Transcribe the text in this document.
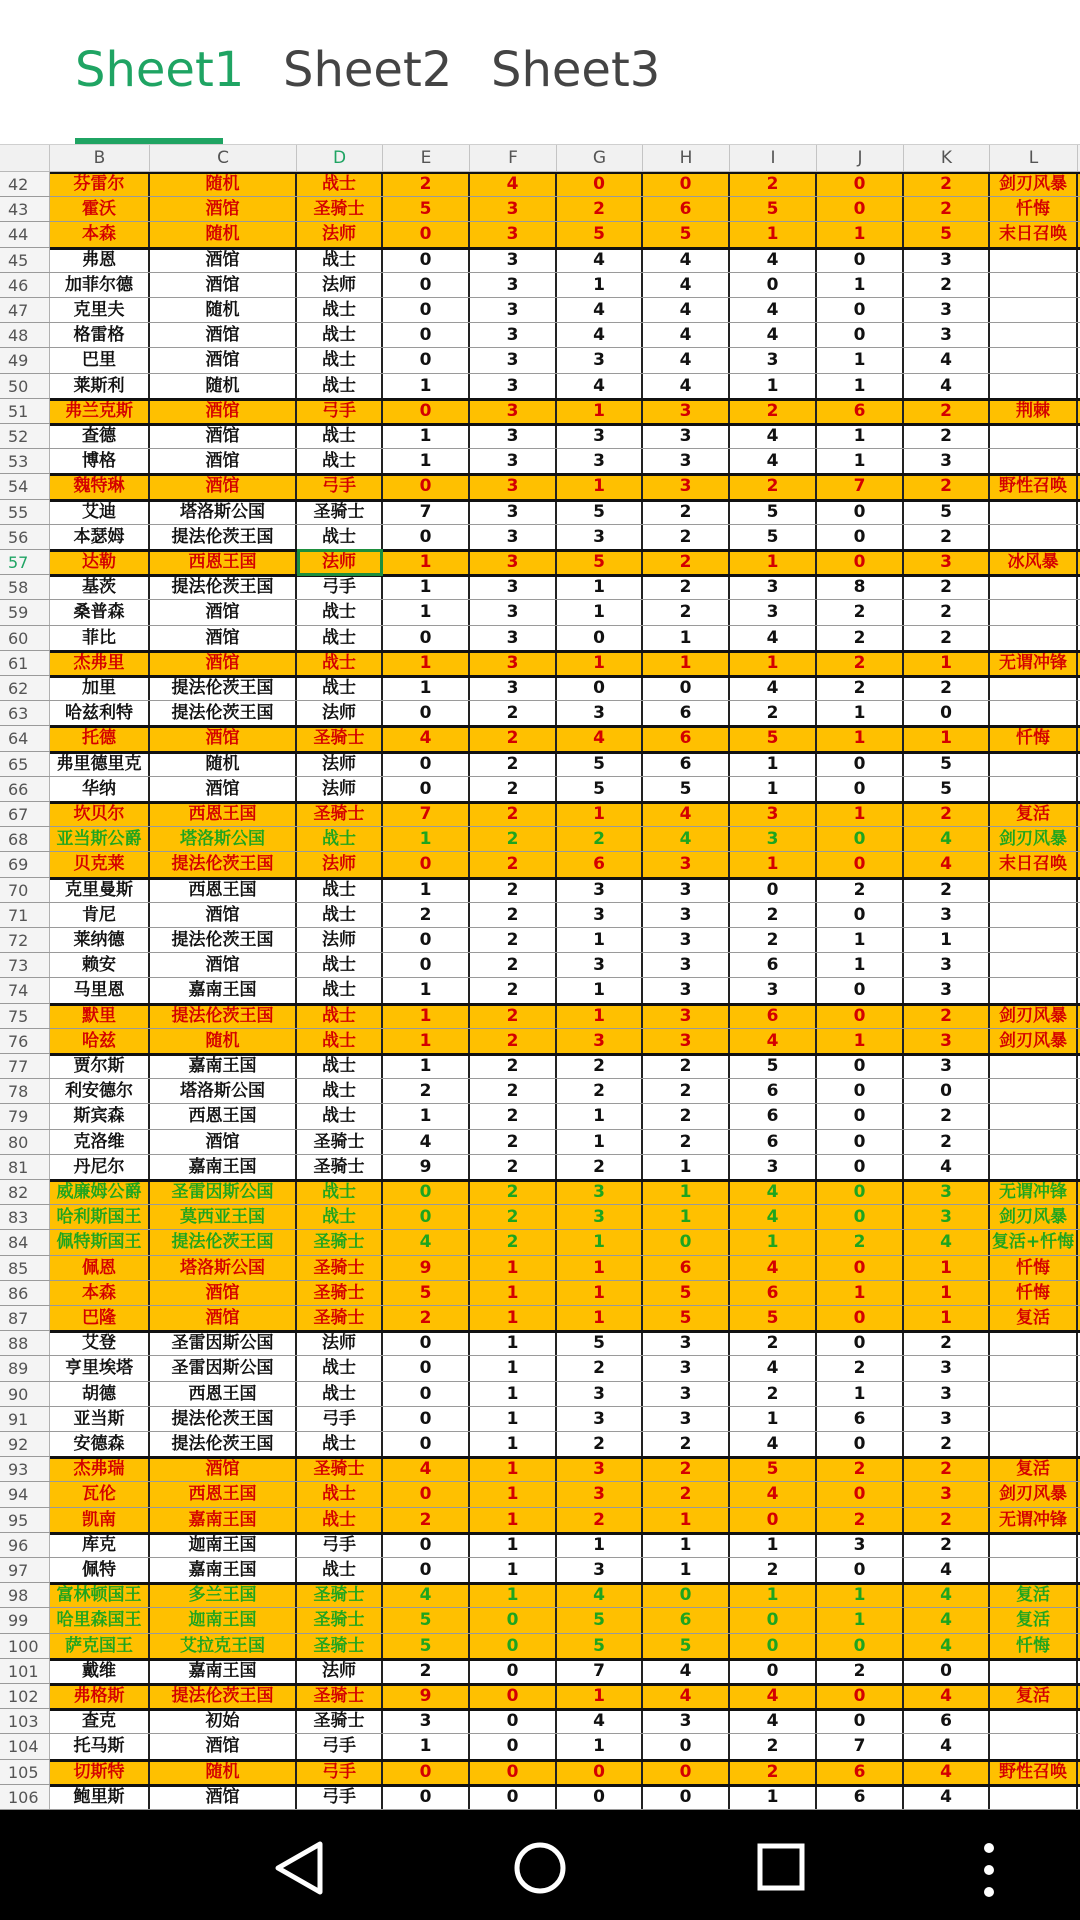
Sheet1 Sheet2 Sheet3
B	C	D	E	F	G	H	I	J	K	L
42	芬雷尔	随机	战士	2	4	0	0	2	0	2	剑刃风暴
43	霍沃	酒馆	圣骑士	5	3	2	6	5	0	2	忏悔
44	本森	随机	法师	0	3	5	5	1	1	5	末日召唤
45	弗恩	酒馆	战士	0	3	4	4	4	0	3
46	加菲尔德	酒馆	法师	0	3	1	4	0	1	2
47	克里夫	随机	战士	0	3	4	4	4	0	3
48	格雷格	酒馆	战士	0	3	4	4	4	0	3
49	巴里	酒馆	战士	0	3	3	4	3	1	4
50	莱斯利	随机	战士	1	3	4	4	1	1	4
51	弗兰克斯	酒馆	弓手	0	3	1	3	2	6	2	荆棘
52	查德	酒馆	战士	1	3	3	3	4	1	2
53	博格	酒馆	战士	1	3	3	3	4	1	3
54	魏特琳	酒馆	弓手	0	3	1	3	2	7	2	野性召唤
55	艾迪	塔洛斯公国	圣骑士	7	3	5	2	5	0	5
56	本瑟姆	提法伦茨王国	战士	0	3	3	2	5	0	2
57	达勒	西恩王国	法师	1	3	5	2	1	0	3	冰风暴
58	基茨	提法伦茨王国	弓手	1	3	1	2	3	8	2
59	桑普森	酒馆	战士	1	3	1	2	3	2	2
60	菲比	酒馆	战士	0	3	0	1	4	2	2
61	杰弗里	酒馆	战士	1	3	1	1	1	2	1	无谓冲锋
62	加里	提法伦茨王国	战士	1	3	0	0	4	2	2
63	哈兹利特	提法伦茨王国	法师	0	2	3	6	2	1	0
64	托德	酒馆	圣骑士	4	2	4	6	5	1	1	忏悔
65	弗里德里克	随机	法师	0	2	5	6	1	0	5
66	华纳	酒馆	法师	0	2	5	5	1	0	5
67	坎贝尔	西恩王国	圣骑士	7	2	1	4	3	1	2	复活
68	亚当斯公爵	塔洛斯公国	战士	1	2	2	4	3	0	4	剑刃风暴
69	贝克莱	提法伦茨王国	法师	0	2	6	3	1	0	4	末日召唤
70	克里曼斯	西恩王国	战士	1	2	3	3	0	2	2
71	肯尼	酒馆	战士	2	2	3	3	2	0	3
72	莱纳德	提法伦茨王国	法师	0	2	1	3	2	1	1
73	赖安	酒馆	战士	0	2	3	3	6	1	3
74	马里恩	嘉南王国	战士	1	2	1	3	3	0	3
75	默里	提法伦茨王国	战士	1	2	1	3	6	0	2	剑刃风暴
76	哈兹	随机	战士	1	2	3	3	4	1	3	剑刃风暴
77	贾尔斯	嘉南王国	战士	1	2	2	2	5	0	3
78	利安德尔	塔洛斯公国	战士	2	2	2	2	6	0	0
79	斯宾森	西恩王国	战士	1	2	1	2	6	0	2
80	克洛维	酒馆	圣骑士	4	2	1	2	6	0	2
81	丹尼尔	嘉南王国	圣骑士	9	2	2	1	3	0	4
82	威廉姆公爵	圣雷因斯公国	战士	0	2	3	1	4	0	3	无谓冲锋
83	哈利斯国王	莫西亚王国	战士	0	2	3	1	4	0	3	剑刃风暴
84	佩特斯国王	提法伦茨王国	圣骑士	4	2	1	0	1	2	4	复活+忏悔
85	佩恩	塔洛斯公国	圣骑士	9	1	1	6	4	0	1	忏悔
86	本森	酒馆	圣骑士	5	1	1	5	6	1	1	忏悔
87	巴隆	酒馆	圣骑士	2	1	1	5	5	0	1	复活
88	艾登	圣雷因斯公国	法师	0	1	5	3	2	0	2
89	亨里埃塔	圣雷因斯公国	战士	0	1	2	3	4	2	3
90	胡德	西恩王国	战士	0	1	3	3	2	1	3
91	亚当斯	提法伦茨王国	弓手	0	1	3	3	1	6	3
92	安德森	提法伦茨王国	战士	0	1	2	2	4	0	2
93	杰弗瑞	酒馆	圣骑士	4	1	3	2	5	2	2	复活
94	瓦伦	西恩王国	战士	0	1	3	2	4	0	3	剑刃风暴
95	凯南	嘉南王国	战士	2	1	2	1	0	2	2	无谓冲锋
96	库克	迦南王国	弓手	0	1	1	1	1	3	2
97	佩特	嘉南王国	战士	0	1	3	1	2	0	4
98	富林顿国王	多兰王国	圣骑士	4	1	4	0	1	1	4	复活
99	哈里森国王	迦南王国	圣骑士	5	0	5	6	0	1	4	复活
100	萨克国王	艾拉克王国	圣骑士	5	0	5	5	0	0	4	忏悔
101	戴维	嘉南王国	法师	2	0	7	4	0	2	0
102	弗格斯	提法伦茨王国	圣骑士	9	0	1	4	4	0	4	复活
103	查克	初始	圣骑士	3	0	4	3	4	0	6
104	托马斯	酒馆	弓手	1	0	1	0	2	7	4
105	切斯特	随机	弓手	0	0	0	0	2	6	4	野性召唤
106	鲍里斯	酒馆	弓手	0	0	0	0	1	6	4
